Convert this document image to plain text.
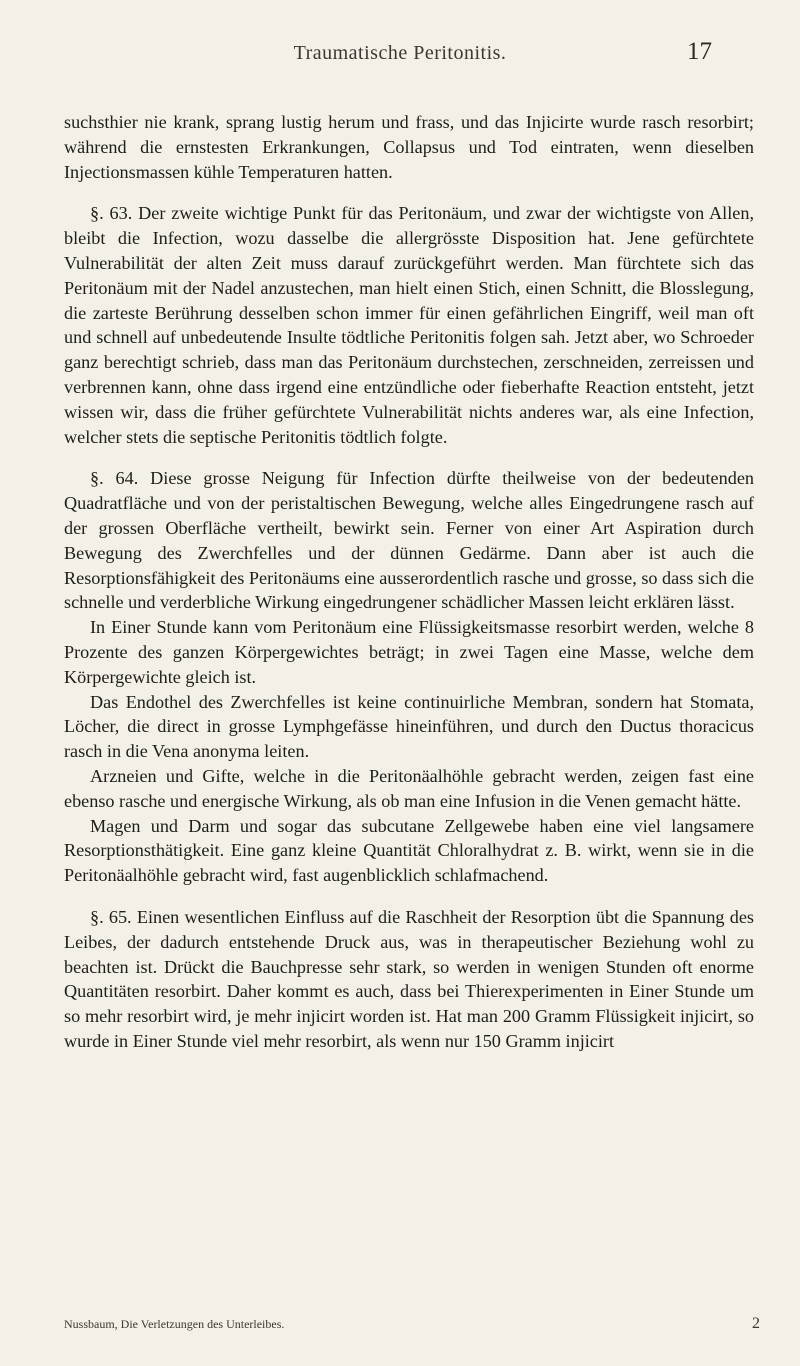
Traumatische Peritonitis.	17

suchsthier nie krank, sprang lustig herum und frass, und das Injicirte wurde rasch resorbirt; während die ernstesten Erkrankungen, Collapsus und Tod eintraten, wenn dieselben Injectionsmassen kühle Temperaturen hatten.

§. 63. Der zweite wichtige Punkt für das Peritonäum, und zwar der wichtigste von Allen, bleibt die Infection, wozu dasselbe die allergrösste Disposition hat. Jene gefürchtete Vulnerabilität der alten Zeit muss darauf zurückgeführt werden. Man fürchtete sich das Peritonäum mit der Nadel anzustechen, man hielt einen Stich, einen Schnitt, die Blosslegung, die zarteste Berührung desselben schon immer für einen gefährlichen Eingriff, weil man oft und schnell auf unbedeutende Insulte tödtliche Peritonitis folgen sah. Jetzt aber, wo Schroeder ganz berechtigt schrieb, dass man das Peritonäum durchstechen, zerschneiden, zerreissen und verbrennen kann, ohne dass irgend eine entzündliche oder fieberhafte Reaction entsteht, jetzt wissen wir, dass die früher gefürchtete Vulnerabilität nichts anderes war, als eine Infection, welcher stets die septische Peritonitis tödtlich folgte.

§. 64. Diese grosse Neigung für Infection dürfte theilweise von der bedeutenden Quadratfläche und von der peristaltischen Bewegung, welche alles Eingedrungene rasch auf der grossen Oberfläche vertheilt, bewirkt sein. Ferner von einer Art Aspiration durch Bewegung des Zwerchfelles und der dünnen Gedärme. Dann aber ist auch die Resorptionsfähigkeit des Peritonäums eine ausserordentlich rasche und grosse, so dass sich die schnelle und verderbliche Wirkung eingedrungener schädlicher Massen leicht erklären lässt.

In Einer Stunde kann vom Peritonäum eine Flüssigkeitsmasse resorbirt werden, welche 8 Prozente des ganzen Körpergewichtes beträgt; in zwei Tagen eine Masse, welche dem Körpergewichte gleich ist.

Das Endothel des Zwerchfelles ist keine continuirliche Membran, sondern hat Stomata, Löcher, die direct in grosse Lymphgefässe hineinführen, und durch den Ductus thoracicus rasch in die Vena anonyma leiten.

Arzneien und Gifte, welche in die Peritonäalhöhle gebracht werden, zeigen fast eine ebenso rasche und energische Wirkung, als ob man eine Infusion in die Venen gemacht hätte.

Magen und Darm und sogar das subcutane Zellgewebe haben eine viel langsamere Resorptionsthätigkeit. Eine ganz kleine Quantität Chloralhydrat z. B. wirkt, wenn sie in die Peritonäalhöhle gebracht wird, fast augenblicklich schlafmachend.

§. 65. Einen wesentlichen Einfluss auf die Raschheit der Resorption übt die Spannung des Leibes, der dadurch entstehende Druck aus, was in therapeutischer Beziehung wohl zu beachten ist. Drückt die Bauchpresse sehr stark, so werden in wenigen Stunden oft enorme Quantitäten resorbirt. Daher kommt es auch, dass bei Thierexperimenten in Einer Stunde um so mehr resorbirt wird, je mehr injicirt worden ist. Hat man 200 Gramm Flüssigkeit injicirt, so wurde in Einer Stunde viel mehr resorbirt, als wenn nur 150 Gramm injicirt

Nussbaum, Die Verletzungen des Unterleibes.	2
